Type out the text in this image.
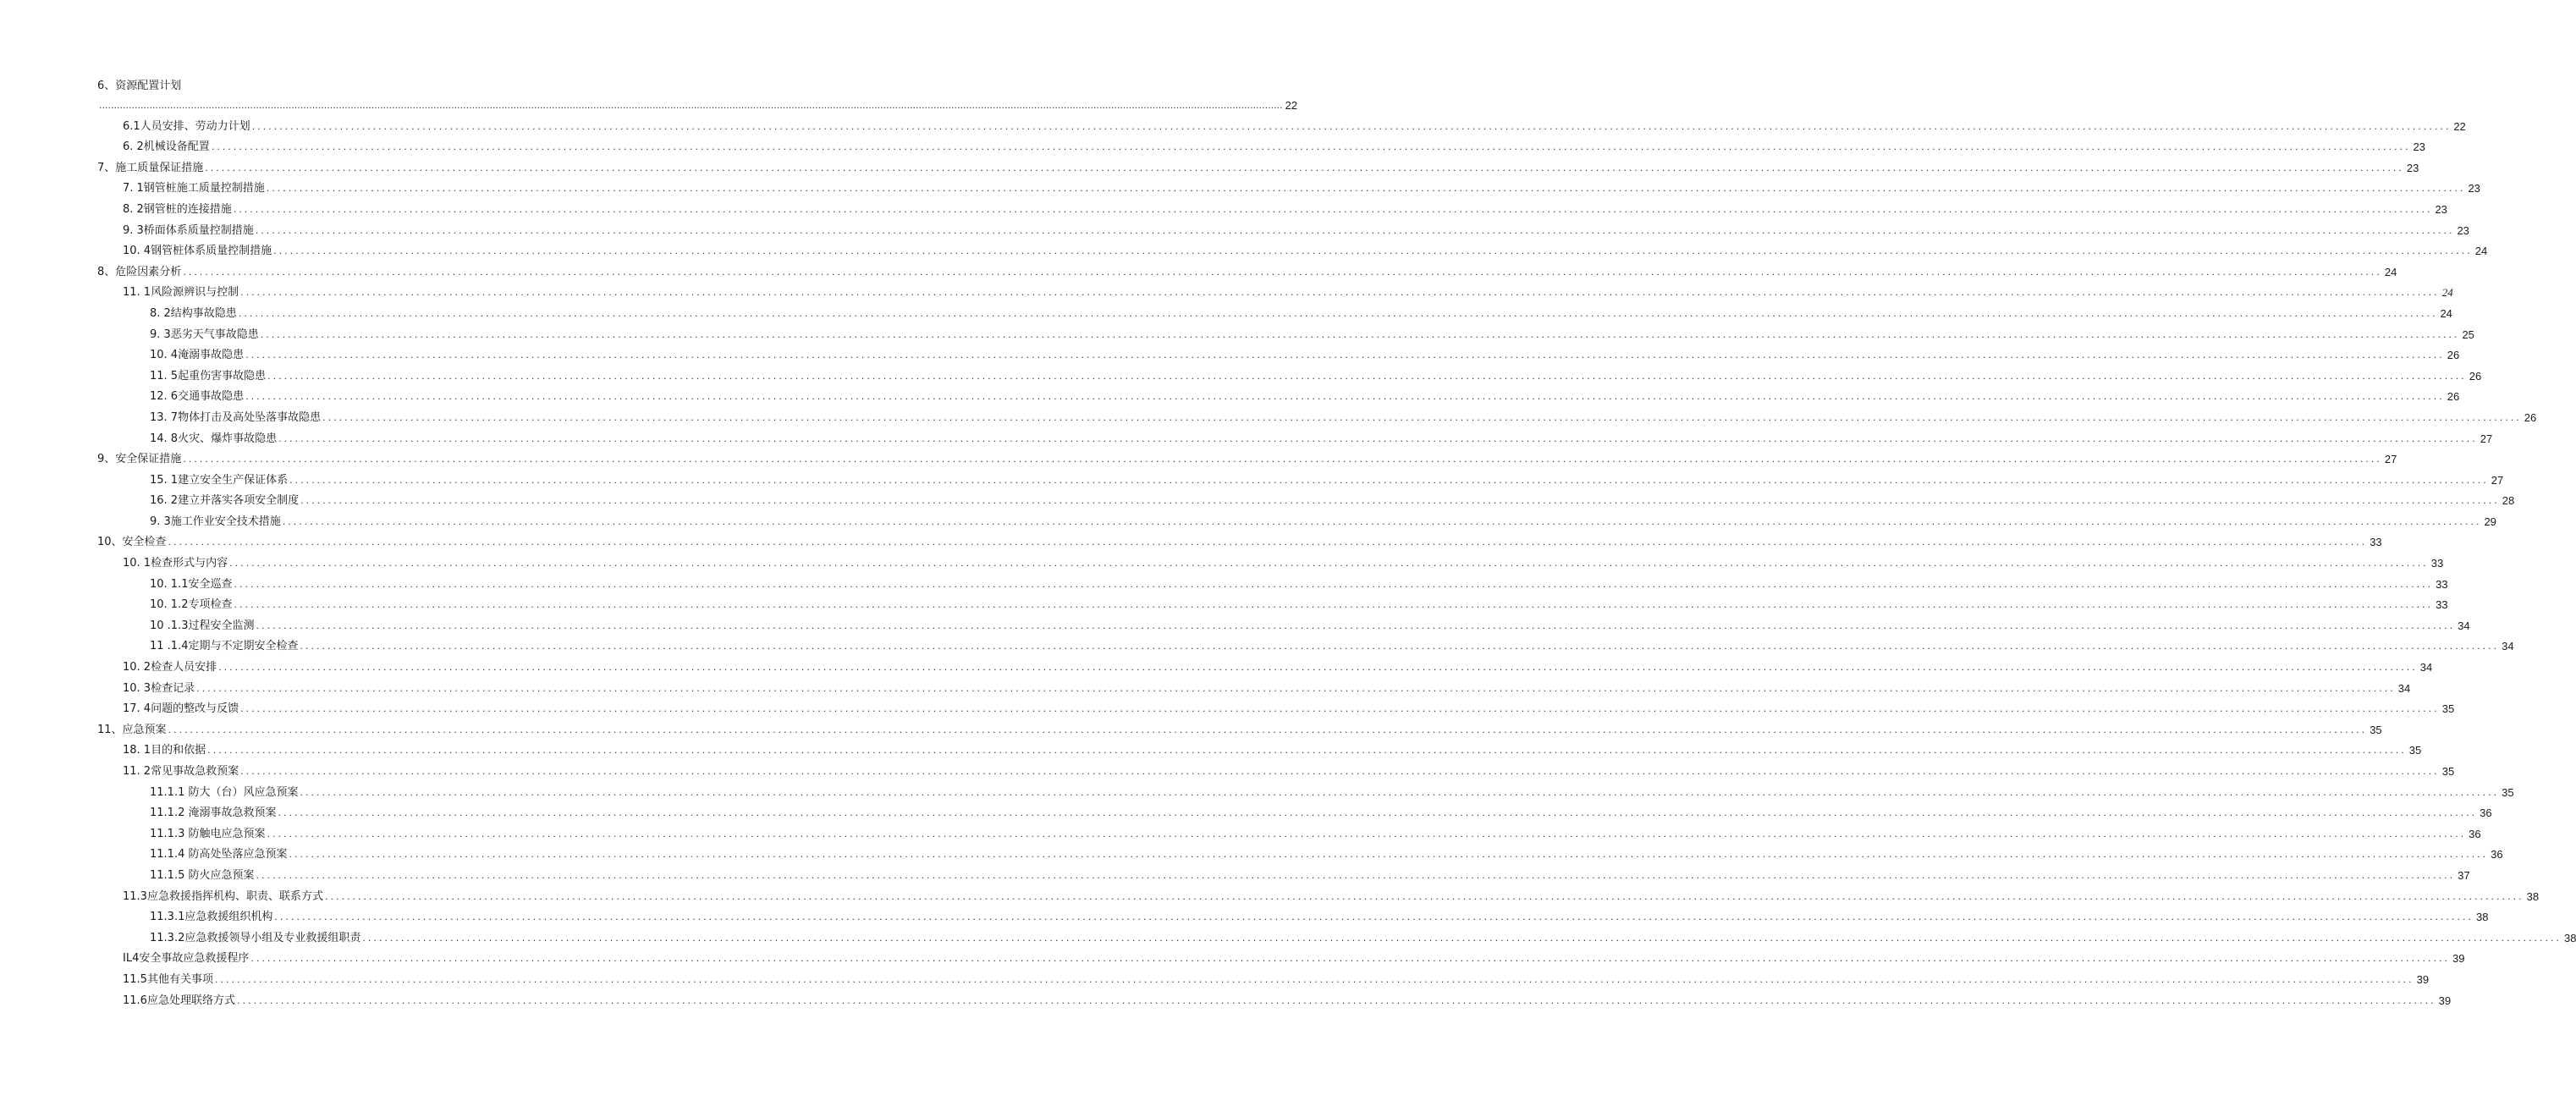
6、资源配置计划
................................................................................................................................................................................................................................................................................................................................................................................................................ 22
6.1人员安排、劳动力计划 ................................................................................................................................................................................................................................................................................................................................................................................................................ 22
6. 2机械设备配置 ................................................................................................................................................................................................................................................................................................................................................................................................................ 23
7、施工质量保证措施 ................................................................................................................................................................................................................................................................................................................................................................................................................ 23
7. 1钢管桩施工质量控制措施 ................................................................................................................................................................................................................................................................................................................................................................................................................ 23
8. 2钢管桩的连接措施 ................................................................................................................................................................................................................................................................................................................................................................................................................ 23
9. 3桥面体系质量控制措施 ................................................................................................................................................................................................................................................................................................................................................................................................................ 23
10. 4钢管桩体系质量控制措施 ................................................................................................................................................................................................................................................................................................................................................................................................................ 24
8、危险因素分析 ................................................................................................................................................................................................................................................................................................................................................................................................................ 24
11. 1风险源辨识与控制 ................................................................................................................................................................................................................................................................................................................................................................................................................ 24
8. 2结构事故隐患 ................................................................................................................................................................................................................................................................................................................................................................................................................ 24
9. 3恶劣天气事故隐患 ................................................................................................................................................................................................................................................................................................................................................................................................................ 25
10. 4淹溺事故隐患 ................................................................................................................................................................................................................................................................................................................................................................................................................ 26
11. 5起重伤害事故隐患 ................................................................................................................................................................................................................................................................................................................................................................................................................ 26
12. 6交通事故隐患 ................................................................................................................................................................................................................................................................................................................................................................................................................ 26
13. 7物体打击及高处坠落事故隐患 ................................................................................................................................................................................................................................................................................................................................................................................................................ 26
14. 8火灾、爆炸事故隐患 ................................................................................................................................................................................................................................................................................................................................................................................................................ 27
9、安全保证措施 ................................................................................................................................................................................................................................................................................................................................................................................................................ 27
15. 1建立安全生产保证体系 ................................................................................................................................................................................................................................................................................................................................................................................................................ 27
16. 2建立并落实各项安全制度 ................................................................................................................................................................................................................................................................................................................................................................................................................ 28
9. 3施工作业安全技术措施 ................................................................................................................................................................................................................................................................................................................................................................................................................ 29
10、安全检查 ................................................................................................................................................................................................................................................................................................................................................................................................................ 33
10. 1检查形式与内容 ................................................................................................................................................................................................................................................................................................................................................................................................................ 33
10. 1.1安全巡查 ................................................................................................................................................................................................................................................................................................................................................................................................................ 33
10. 1.2专项检查 ................................................................................................................................................................................................................................................................................................................................................................................................................ 33
10 .1.3过程安全监测 ................................................................................................................................................................................................................................................................................................................................................................................................................ 34
11 .1.4定期与不定期安全检查 ................................................................................................................................................................................................................................................................................................................................................................................................................ 34
10. 2检查人员安排 ................................................................................................................................................................................................................................................................................................................................................................................................................ 34
10. 3检查记录 ................................................................................................................................................................................................................................................................................................................................................................................................................ 34
17. 4问题的整改与反馈 ................................................................................................................................................................................................................................................................................................................................................................................................................ 35
11、应急预案 ................................................................................................................................................................................................................................................................................................................................................................................................................ 35
18. 1目的和依据 ................................................................................................................................................................................................................................................................................................................................................................................................................ 35
11. 2常见事故急救预案 ................................................................................................................................................................................................................................................................................................................................................................................................................ 35
11.1.1 防大（台）风应急预案 ................................................................................................................................................................................................................................................................................................................................................................................................................ 35
11.1.2 淹溺事故急救预案 ................................................................................................................................................................................................................................................................................................................................................................................................................ 36
11.1.3 防触电应急预案 ................................................................................................................................................................................................................................................................................................................................................................................................................ 36
11.1.4 防高处坠落应急预案 ................................................................................................................................................................................................................................................................................................................................................................................................................ 36
11.1.5 防火应急预案 ................................................................................................................................................................................................................................................................................................................................................................................................................ 37
11.3应急救援指挥机构、职责、联系方式 ................................................................................................................................................................................................................................................................................................................................................................................................................ 38
11.3.1应急救援组织机构 ................................................................................................................................................................................................................................................................................................................................................................................................................ 38
11.3.2应急救援领导小组及专业救援组职责 ................................................................................................................................................................................................................................................................................................................................................................................................................ 38
IL4安全事故应急救援程序 ................................................................................................................................................................................................................................................................................................................................................................................................................ 39
11.5其他有关事项 ................................................................................................................................................................................................................................................................................................................................................................................................................ 39
11.6应急处理联络方式 ................................................................................................................................................................................................................................................................................................................................................................................................................ 39
